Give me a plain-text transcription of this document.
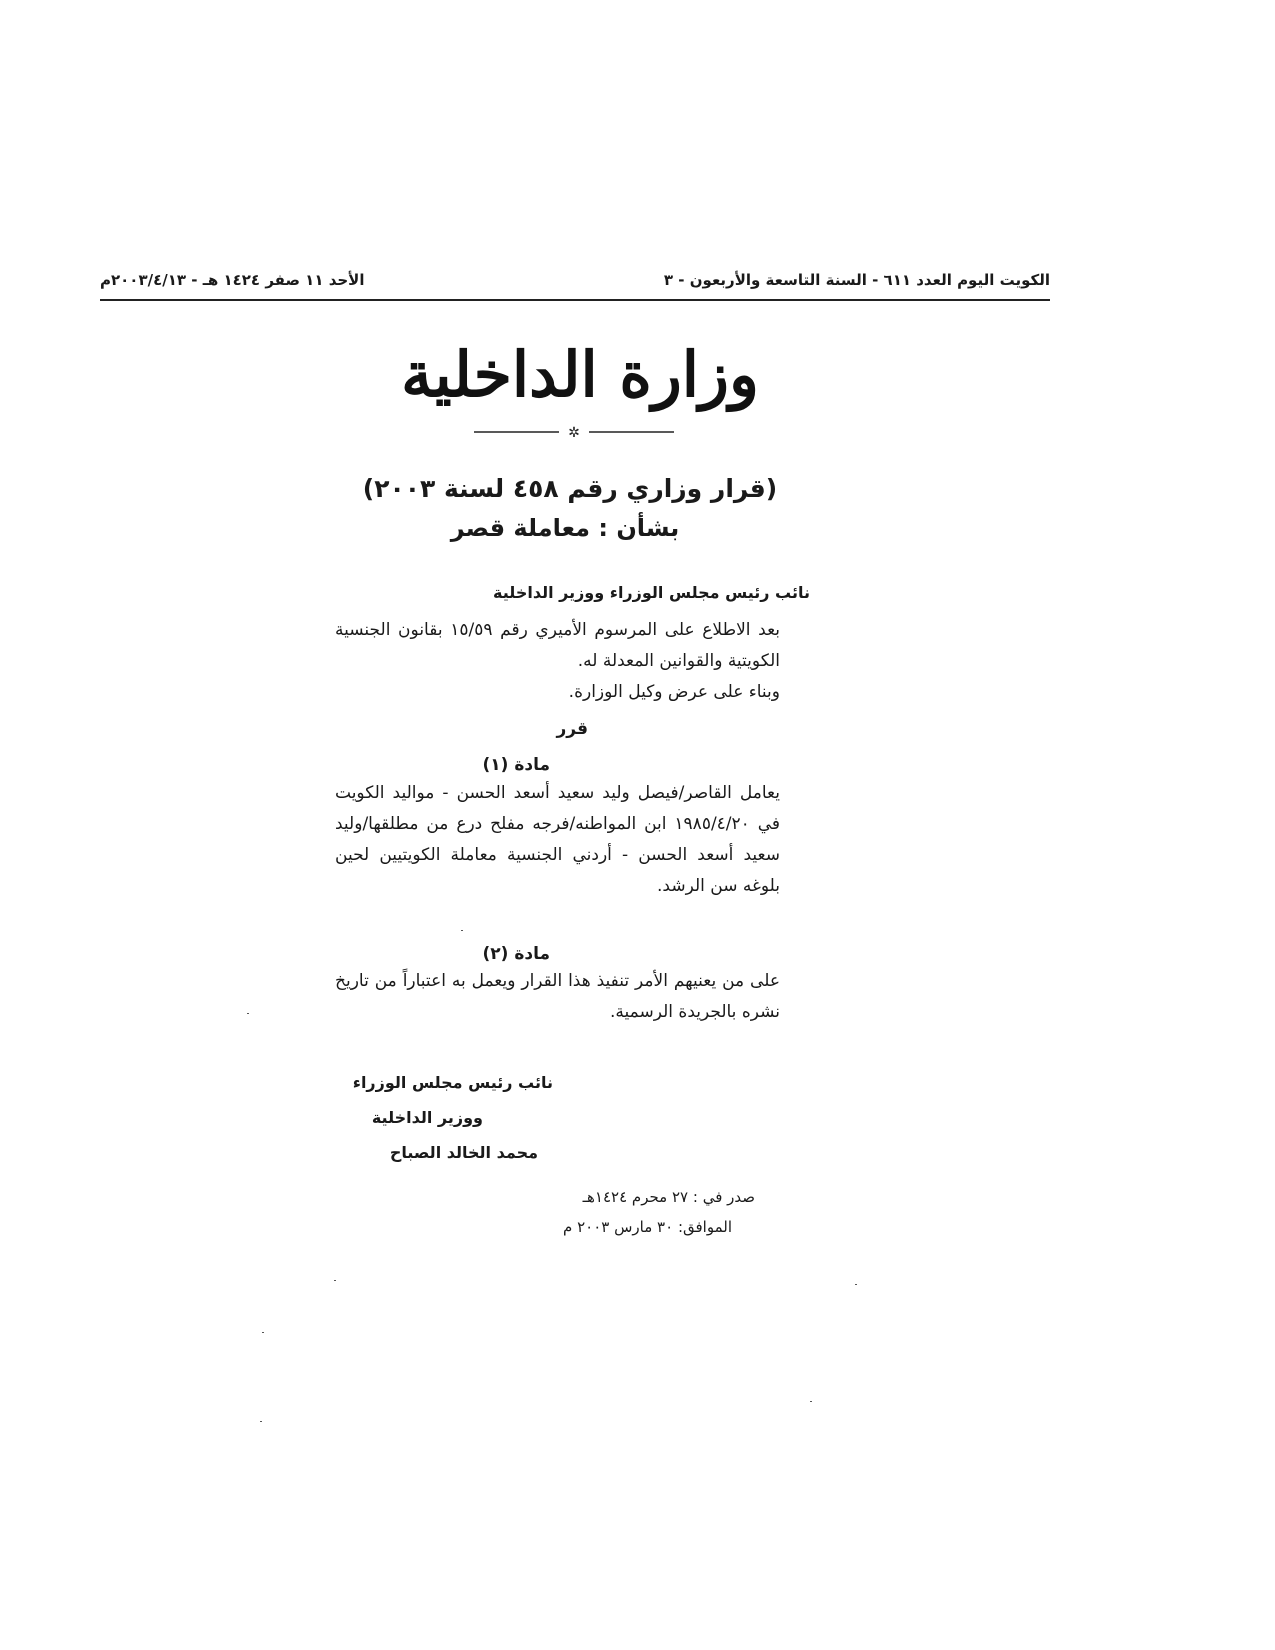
الكويت اليوم العدد ٦١١ - السنة التاسعة والأربعون - ٣
الأحد ١١ صفر ١٤٢٤ هـ - ٢٠٠٣/٤/١٣م
وزارة الداخلية
✲
(قرار وزاري رقم ٤٥٨ لسنة ٢٠٠٣)
بشأن : معاملة قصر
نائب رئيس مجلس الوزراء ووزير الداخلية
بعد الاطلاع على المرسوم الأميري رقم ١٥/٥٩ بقانون الجنسية الكويتية والقوانين المعدلة له.
وبناء على عرض وكيل الوزارة.
قرر
مادة (١)
يعامل القاصر/فيصل وليد سعيد أسعد الحسن - مواليد الكويت في ١٩٨٥/٤/٢٠ ابن المواطنه/فرجه مفلح درع من مطلقها/وليد سعيد أسعد الحسن - أردني الجنسية معاملة الكويتيين لحين بلوغه سن الرشد.
مادة (٢)
على من يعنيهم الأمر تنفيذ هذا القرار ويعمل به اعتباراً من تاريخ نشره بالجريدة الرسمية.
نائب رئيس مجلس الوزراء
ووزير الداخلية
محمد الخالد الصباح
صدر في : ٢٧ محرم ١٤٢٤هـ
الموافق: ٣٠ مارس ٢٠٠٣ م
